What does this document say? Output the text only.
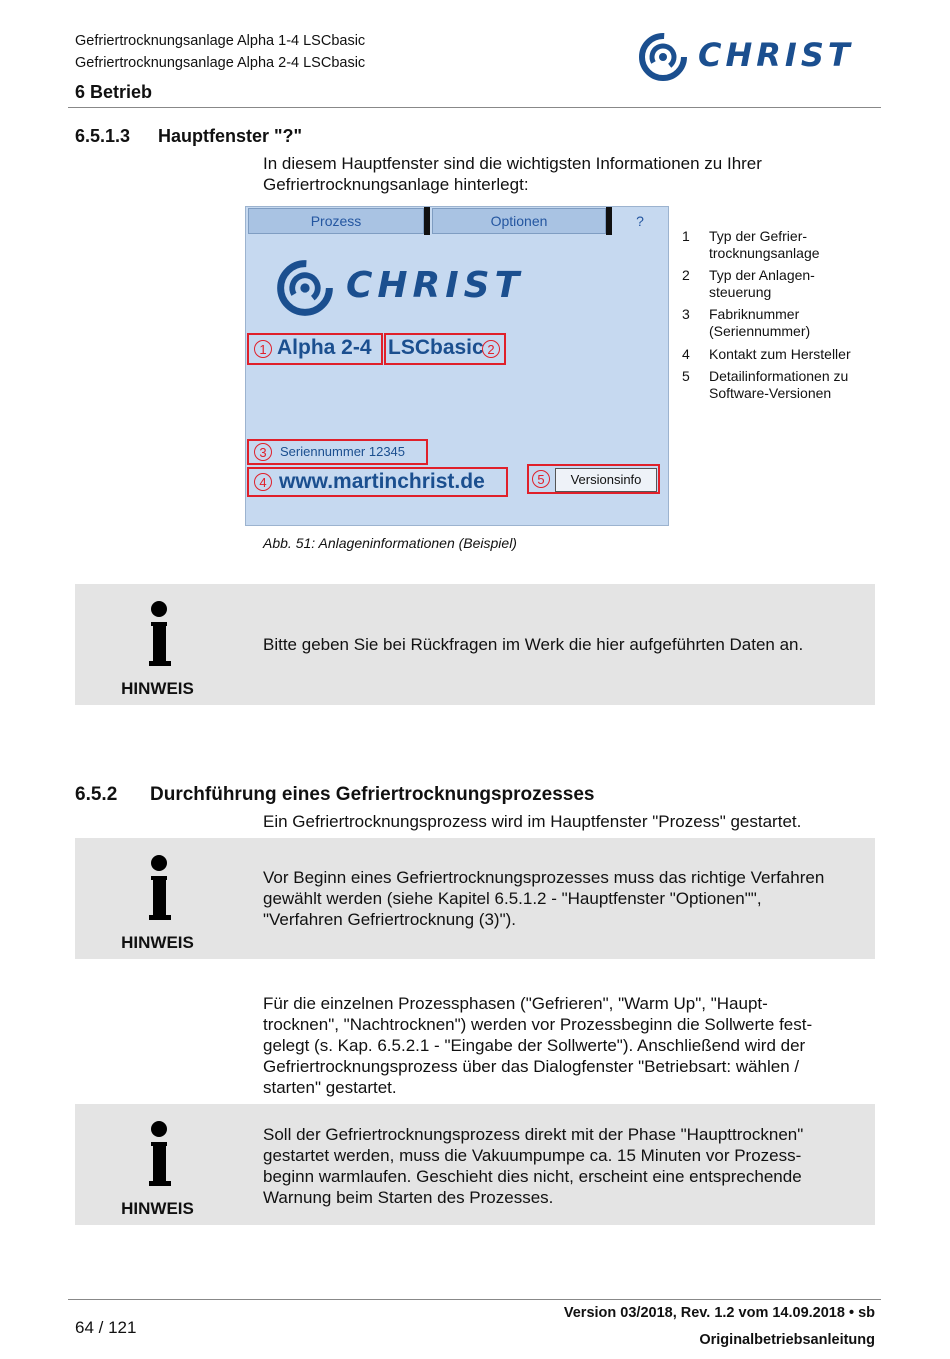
Gefriertrocknungsanlage Alpha 1-4 LSCbasic
Gefriertrocknungsanlage Alpha 2-4 LSCbasic
6 Betrieb
CHRIST
6.5.1.3 Hauptfenster "?"
In diesem Hauptfenster sind die wichtigsten Informationen zu Ihrer
Gefriertrocknungsanlage hinterlegt:
Prozess	Optionen	?
CHRIST
1 Alpha 2-4 LSCbasic 2
3	Seriennummer 12345
4 www.martinchrist.de	5	Versionsinfo
1 Typ der Gefrier-
trocknungsanlage
2 Typ der Anlagen-
steuerung
3 Fabriknummer
(Seriennummer)
4 Kontakt zum Hersteller
5 Detailinformationen zu
Software-Versionen
Abb. 51: Anlageninformationen (Beispiel)
HINWEIS
Bitte geben Sie bei Rückfragen im Werk die hier aufgeführten Daten an.
6.5.2 Durchführung eines Gefriertrocknungsprozesses
Ein Gefriertrocknungsprozess wird im Hauptfenster "Prozess" gestartet.
HINWEIS
Vor Beginn eines Gefriertrocknungsprozesses muss das richtige Verfahren
gewählt werden (siehe Kapitel 6.5.1.2 - "Hauptfenster "Optionen"",
"Verfahren Gefriertrocknung (3)").
Für die einzelnen Prozessphasen ("Gefrieren", "Warm Up", "Haupt-
trocknen", "Nachtrocknen") werden vor Prozessbeginn die Sollwerte fest-
gelegt (s. Kap. 6.5.2.1 - "Eingabe der Sollwerte"). Anschließend wird der
Gefriertrocknungsprozess über das Dialogfenster "Betriebsart: wählen /
starten" gestartet.
HINWEIS
Soll der Gefriertrocknungsprozess direkt mit der Phase "Haupttrocknen"
gestartet werden, muss die Vakuumpumpe ca. 15 Minuten vor Prozess-
beginn warmlaufen. Geschieht dies nicht, erscheint eine entsprechende
Warnung beim Starten des Prozesses.
64 / 121
Version 03/2018, Rev. 1.2 vom 14.09.2018 • sb
Originalbetriebsanleitung
